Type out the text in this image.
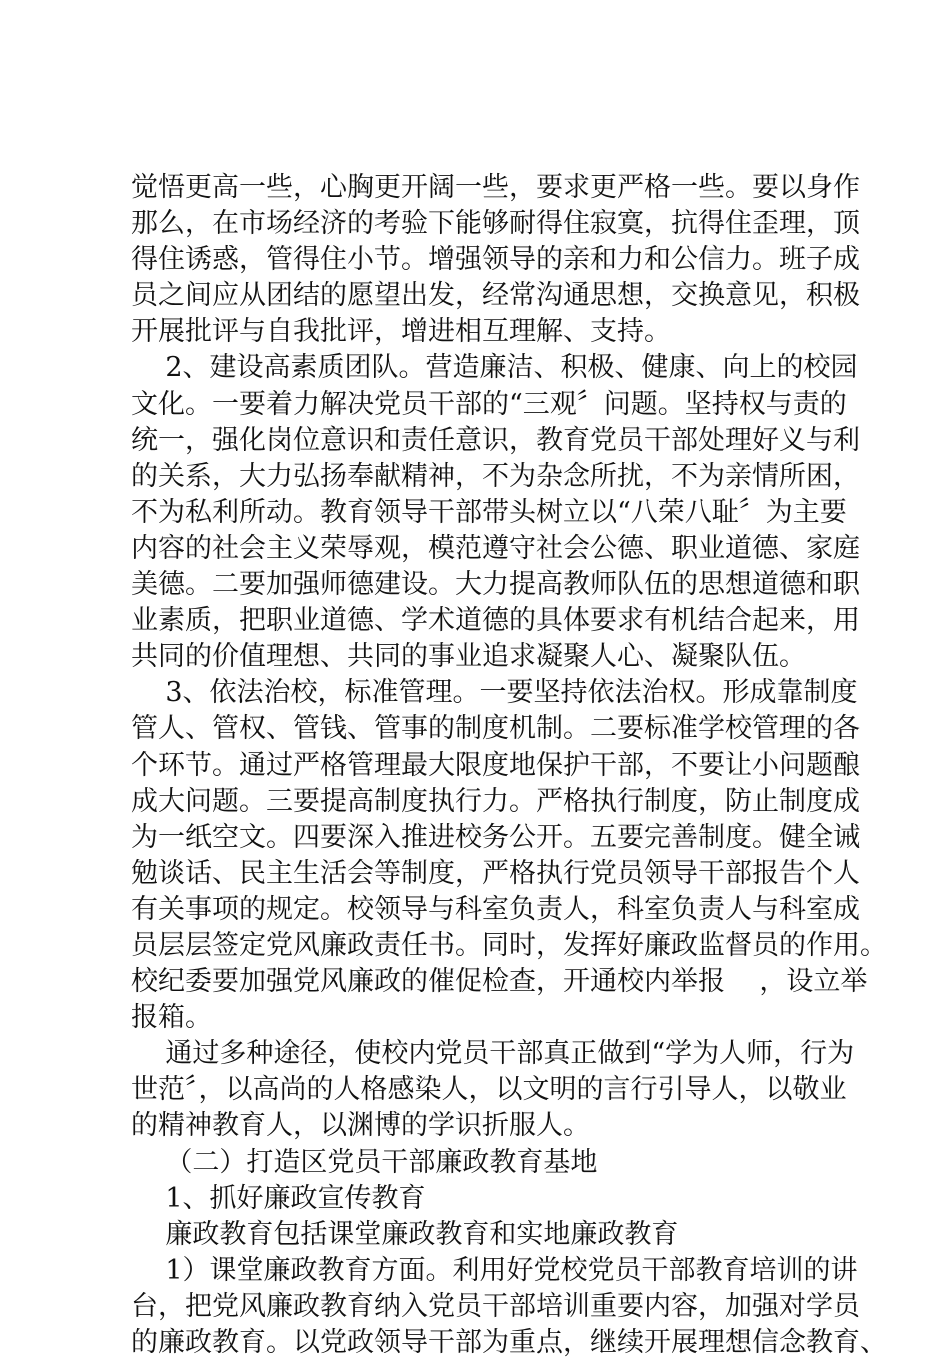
觉悟更高一些，心胸更开阔一些，要求更严格一些。要以身作
那么，在市场经济的考验下能够耐得住寂寞，抗得住歪理，顶
得住诱惑，管得住小节。增强领导的亲和力和公信力。班子成
员之间应从团结的愿望出发，经常沟通思想，交换意见，积极
开展批评与自我批评，增进相互理解、支持。
2、建设高素质团队。营造廉洁、积极、健康、向上的校园
文化。一要着力解决党员干部的“三观〞问题。坚持权与责的
统一，强化岗位意识和责任意识，教育党员干部处理好义与利
的关系，大力弘扬奉献精神，不为杂念所扰，不为亲情所困，
不为私利所动。教育领导干部带头树立以“八荣八耻〞为主要
内容的社会主义荣辱观，模范遵守社会公德、职业道德、家庭
美德。二要加强师德建设。大力提高教师队伍的思想道德和职
业素质，把职业道德、学术道德的具体要求有机结合起来，用
共同的价值理想、共同的事业追求凝聚人心、凝聚队伍。
3、依法治校，标准管理。一要坚持依法治权。形成靠制度
管人、管权、管钱、管事的制度机制。二要标准学校管理的各
个环节。通过严格管理最大限度地保护干部，不要让小问题酿
成大问题。三要提高制度执行力。严格执行制度，防止制度成
为一纸空文。四要深入推进校务公开。五要完善制度。健全诫
勉谈话、民主生活会等制度，严格执行党员领导干部报告个人
有关事项的规定。校领导与科室负责人，科室负责人与科室成
员层层签定党风廉政责任书。同时，发挥好廉政监督员的作用。
校纪委要加强党风廉政的催促检查，开通校内举报    ，设立举
报箱。
通过多种途径，使校内党员干部真正做到“学为人师，行为
世范〞，以高尚的人格感染人，以文明的言行引导人，以敬业
的精神教育人，以渊博的学识折服人。
（二）打造区党员干部廉政教育基地
1、抓好廉政宣传教育
廉政教育包括课堂廉政教育和实地廉政教育
1）课堂廉政教育方面。利用好党校党员干部教育培训的讲
台，把党风廉政教育纳入党员干部培训重要内容，加强对学员
的廉政教育。以党政领导干部为重点，继续开展理想信念教育、
